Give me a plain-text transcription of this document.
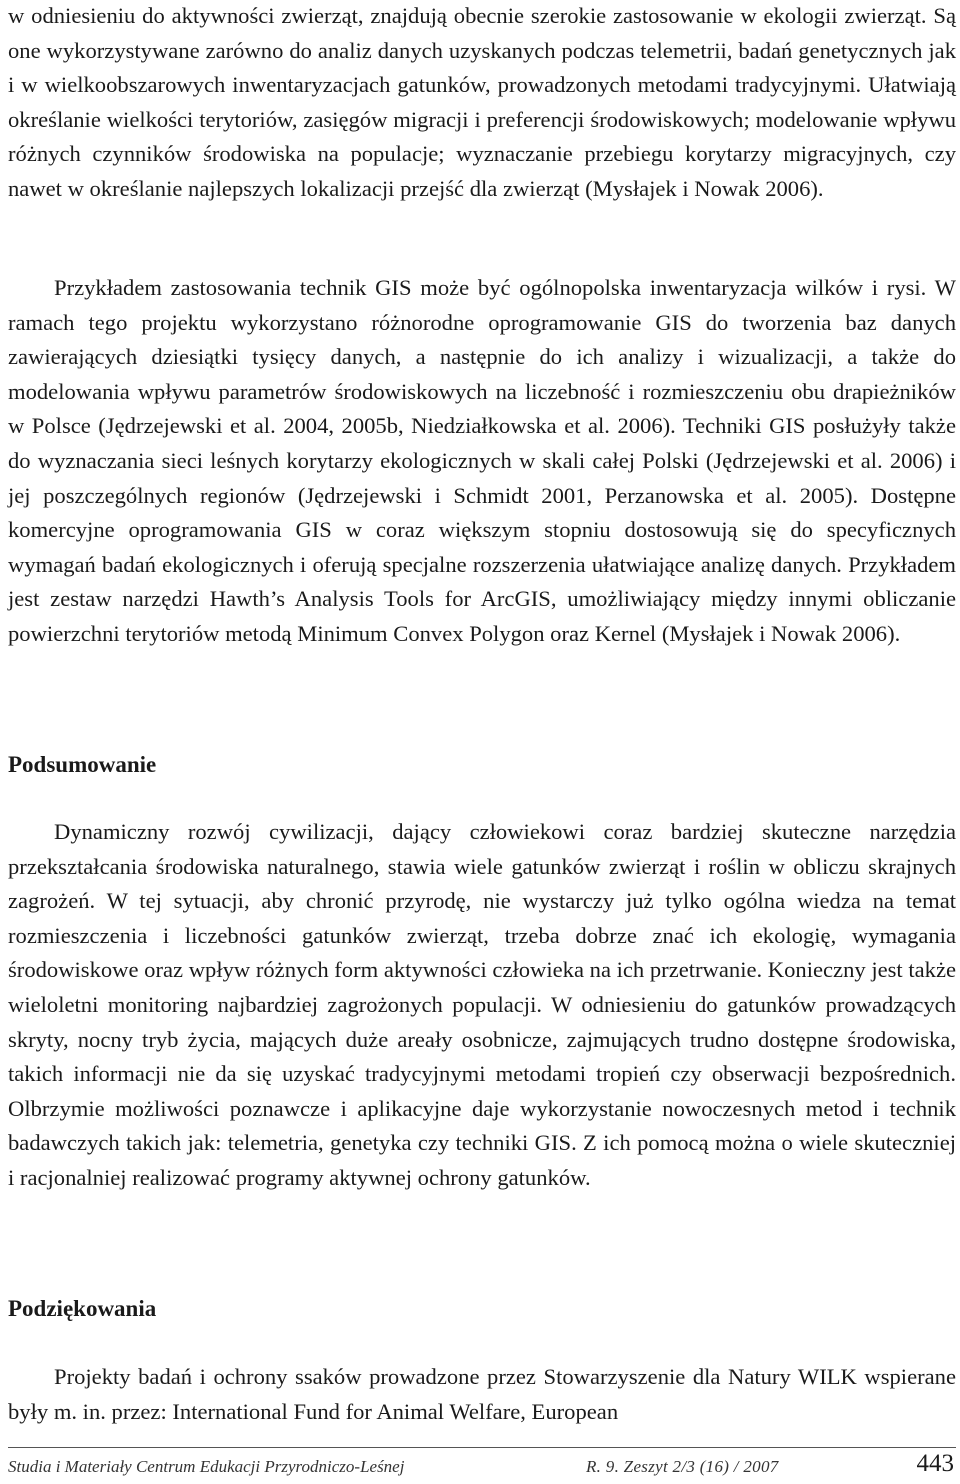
w odniesieniu do aktywności zwierząt, znajdują obecnie szerokie zastosowanie w ekologii zwierząt. Są one wykorzystywane zarówno do analiz danych uzyskanych podczas telemetrii, badań genetycznych jak i w wielkoobszarowych inwentaryzacjach gatunków, prowadzonych metodami tradycyjnymi. Ułatwiają określanie wielkości terytoriów, zasięgów migracji i preferencji środowiskowych; modelowanie wpływu różnych czynników środowiska na populacje; wyznaczanie przebiegu korytarzy migracyjnych, czy nawet w określanie najlepszych lokalizacji przejść dla zwierząt (Mysłajek i Nowak 2006).

Przykładem zastosowania technik GIS może być ogólnopolska inwentaryzacja wilków i rysi. W ramach tego projektu wykorzystano różnorodne oprogramowanie GIS do tworzenia baz danych zawierających dziesiątki tysięcy danych, a następnie do ich analizy i wizualizacji, a także do modelowania wpływu parametrów środowiskowych na liczebność i rozmieszczeniu obu drapieżników w Polsce (Jędrzejewski et al. 2004, 2005b, Niedziałkowska et al. 2006). Techniki GIS posłużyły także do wyznaczania sieci leśnych korytarzy ekologicznych w skali całej Polski (Jędrzejewski et al. 2006) i jej poszczególnych regionów (Jędrzejewski i Schmidt 2001, Perzanowska et al. 2005). Dostępne komercyjne oprogramowania GIS w coraz większym stopniu dostosowują się do specyficznych wymagań badań ekologicznych i oferują specjalne rozszerzenia ułatwiające analizę danych. Przykładem jest zestaw narzędzi Hawth’s Analysis Tools for ArcGIS, umożliwiający między innymi obliczanie powierzchni terytoriów metodą Minimum Convex Polygon oraz Kernel (Mysłajek i Nowak 2006).

Podsumowanie

Dynamiczny rozwój cywilizacji, dający człowiekowi coraz bardziej skuteczne narzędzia przekształcania środowiska naturalnego, stawia wiele gatunków zwierząt i roślin w obliczu skrajnych zagrożeń. W tej sytuacji, aby chronić przyrodę, nie wystarczy już tylko ogólna wiedza na temat rozmieszczenia i liczebności gatunków zwierząt, trzeba dobrze znać ich ekologię, wymagania środowiskowe oraz wpływ różnych form aktywności człowieka na ich przetrwanie. Konieczny jest także wieloletni monitoring najbardziej zagrożonych populacji. W odniesieniu do gatunków prowadzących skryty, nocny tryb życia, mających duże areały osobnicze, zajmujących trudno dostępne środowiska, takich informacji nie da się uzyskać tradycyjnymi metodami tropień czy obserwacji bezpośrednich. Olbrzymie możliwości poznawcze i aplikacyjne daje wykorzystanie nowoczesnych metod i technik badawczych takich jak: telemetria, genetyka czy techniki GIS. Z ich pomocą można o wiele skuteczniej i racjonalniej realizować programy aktywnej ochrony gatunków.

Podziękowania

Projekty badań i ochrony ssaków prowadzone przez Stowarzyszenie dla Natury WILK wspierane były m. in. przez: International Fund for Animal Welfare, European

Studia i Materiały Centrum Edukacji Przyrodniczo-Leśnej	R. 9. Zeszyt 2/3 (16) / 2007	443
